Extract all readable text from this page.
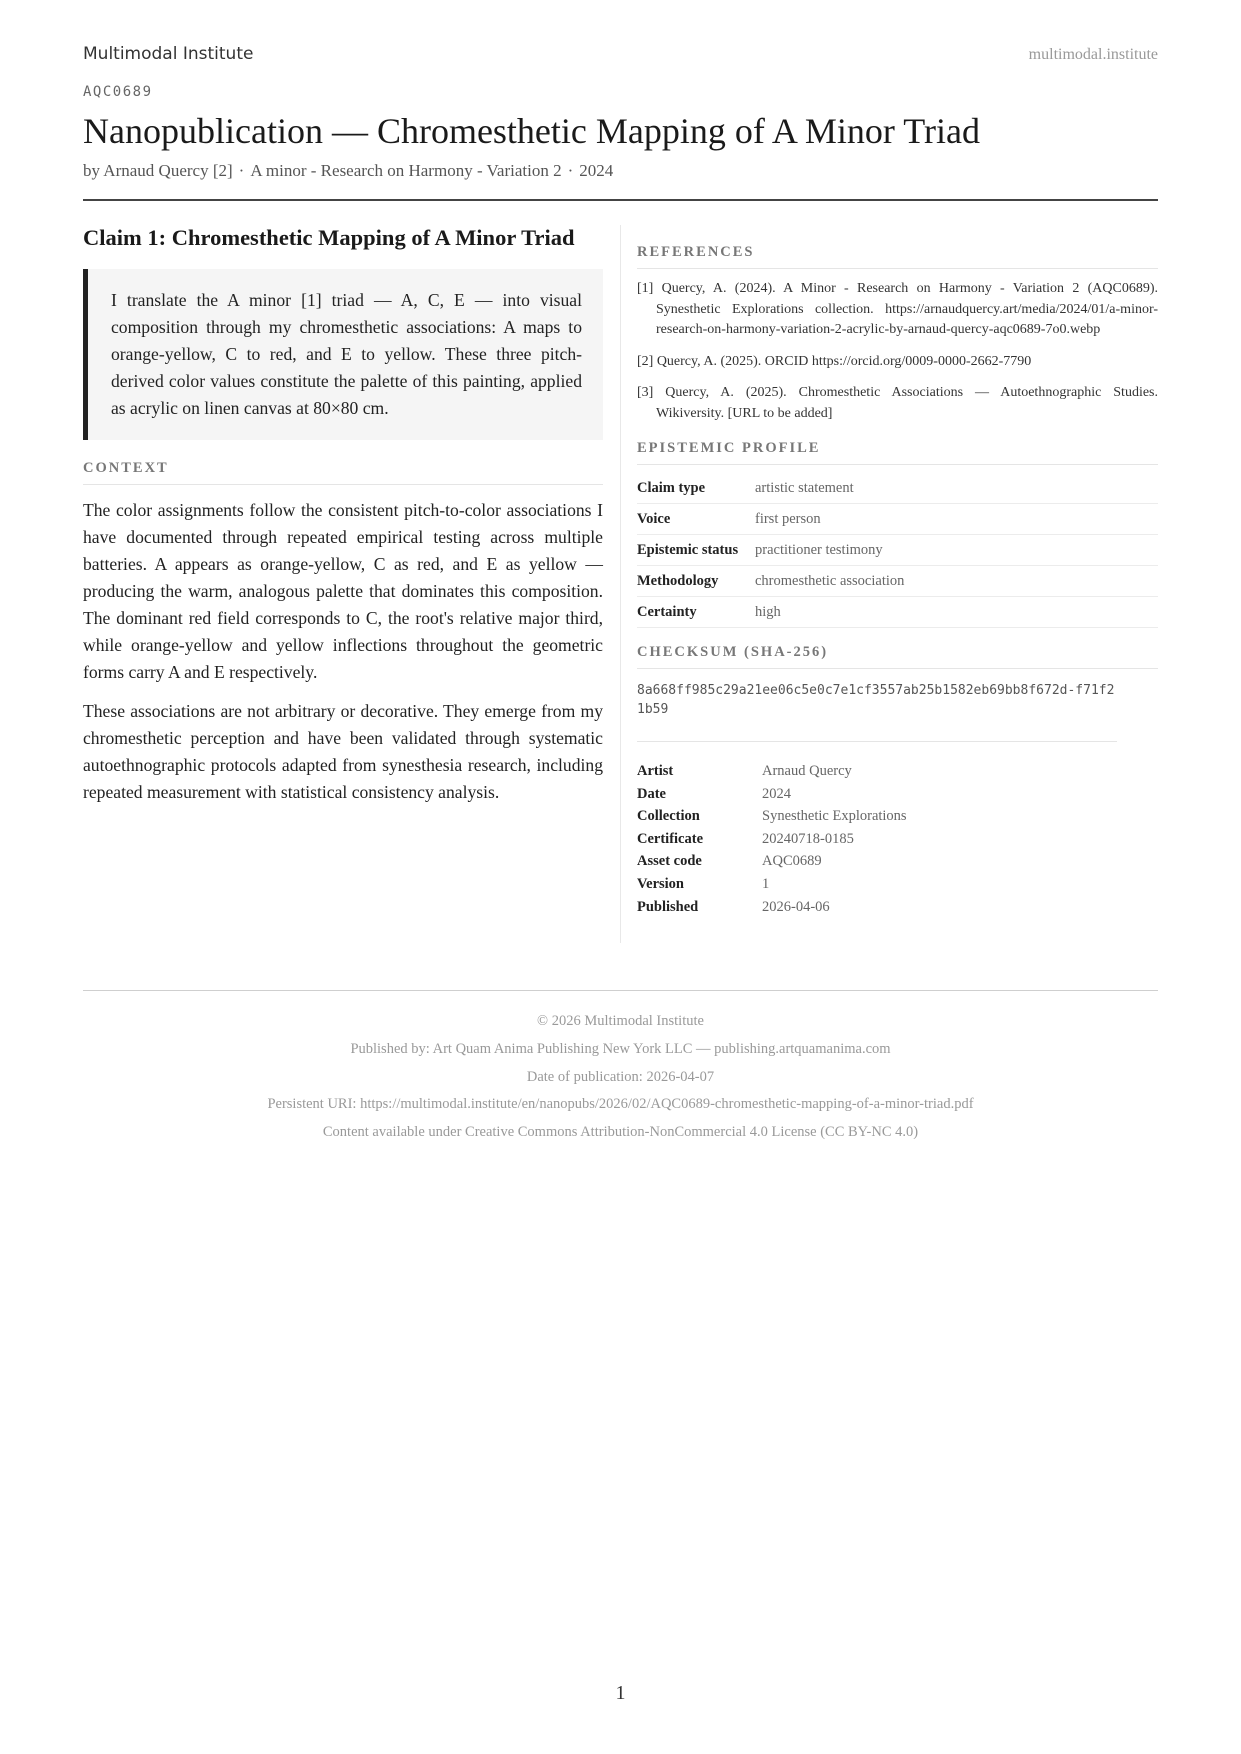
Multimodal Institute	multimodal.institute
AQC0689
Nanopublication — Chromesthetic Mapping of A Minor Triad
by Arnaud Quercy [2] · A minor - Research on Harmony - Variation 2 · 2024
Claim 1: Chromesthetic Mapping of A Minor Triad
I translate the A minor [1] triad — A, C, E — into visual composition through my chromesthetic associations: A maps to orange-yellow, C to red, and E to yellow. These three pitch-derived color values constitute the palette of this painting, applied as acrylic on linen canvas at 80×80 cm.
CONTEXT

The color assignments follow the consistent pitch-to-color associations I have documented through repeated empirical testing across multiple batteries. A appears as orange-yellow, C as red, and E as yellow — producing the warm, analogous palette that dominates this composition. The dominant red field corresponds to C, the root's relative major third, while orange-yellow and yellow inflections throughout the geometric forms carry A and E respectively.

These associations are not arbitrary or decorative. They emerge from my chromesthetic perception and have been validated through systematic autoethnographic protocols adapted from synesthesia research, including repeated measurement with statistical consistency analysis.

REFERENCES
[1] Quercy, A. (2024). A Minor - Research on Harmony - Variation 2 (AQC0689). Synesthetic Explorations collection. https://arnaudquercy.art/media/2024/01/a-minor-research-on-harmony-variation-2-acrylic-by-arnaud-quercy-aqc0689-7o0.webp
[2] Quercy, A. (2025). ORCID https://orcid.org/0009-0000-2662-7790
[3] Quercy, A. (2025). Chromesthetic Associations — Autoethnographic Studies. Wikiversity. [URL to be added]
EPISTEMIC PROFILE
Claim type	artistic statement
Voice	first person
Epistemic status	practitioner testimony
Methodology	chromesthetic association
Certainty	high
CHECKSUM (SHA-256)
8a668ff985c29a21ee06c5e0c7e1cf3557ab25b1582eb69bb8f672d-f71f21b59
Artist	Arnaud Quercy
Date	2024
Collection	Synesthetic Explorations
Certificate	20240718-0185
Asset code	AQC0689
Version	1
Published	2026-04-06
© 2026 Multimodal Institute
Published by: Art Quam Anima Publishing New York LLC — publishing.artquamanima.com
Date of publication: 2026-04-07
Persistent URI: https://multimodal.institute/en/nanopubs/2026/02/AQC0689-chromesthetic-mapping-of-a-minor-triad.pdf
Content available under Creative Commons Attribution-NonCommercial 4.0 License (CC BY-NC 4.0)
1
